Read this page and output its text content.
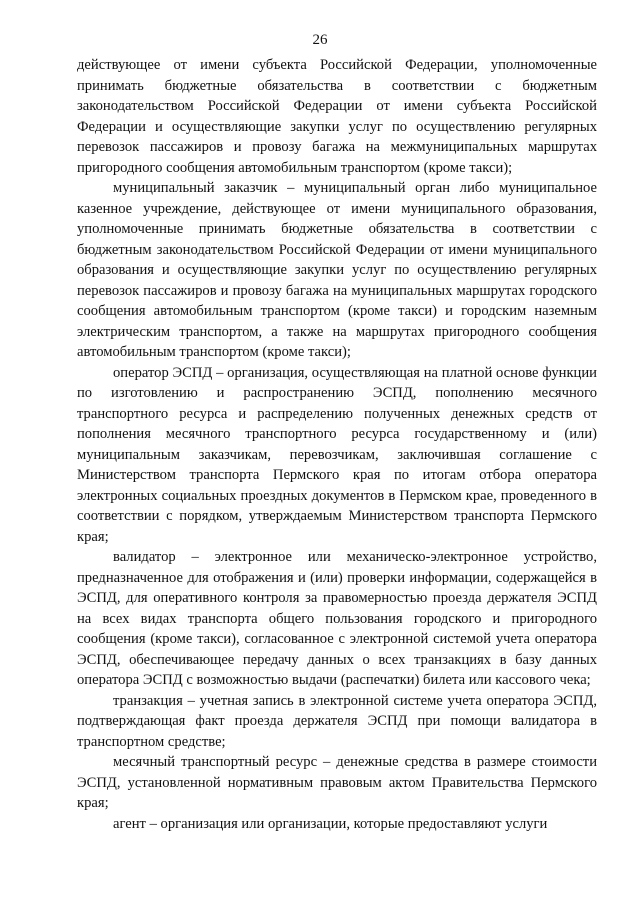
26

действующее от имени субъекта Российской Федерации, уполномоченные принимать бюджетные обязательства в соответствии с бюджетным законодательством Российской Федерации от имени субъекта Российской Федерации и осуществляющие закупки услуг по осуществлению регулярных перевозок пассажиров и провозу багажа на межмуниципальных маршрутах пригородного сообщения автомобильным транспортом (кроме такси);

муниципальный заказчик – муниципальный орган либо муниципальное казенное учреждение, действующее от имени муниципального образования, уполномоченные принимать бюджетные обязательства в соответствии с бюджетным законодательством Российской Федерации от имени муниципального образования и осуществляющие закупки услуг по осуществлению регулярных перевозок пассажиров и провозу багажа на муниципальных маршрутах городского сообщения автомобильным транспортом (кроме такси) и городским наземным электрическим транспортом, а также на маршрутах пригородного сообщения автомобильным транспортом (кроме такси);

оператор ЭСПД – организация, осуществляющая на платной основе функции по изготовлению и распространению ЭСПД, пополнению месячного транспортного ресурса и распределению полученных денежных средств от пополнения месячного транспортного ресурса государственному и (или) муниципальным заказчикам, перевозчикам, заключившая соглашение с Министерством транспорта Пермского края по итогам отбора оператора электронных социальных проездных документов в Пермском крае, проведенного в соответствии с порядком, утверждаемым Министерством транспорта Пермского края;

валидатор – электронное или механическо-электронное устройство, предназначенное для отображения и (или) проверки информации, содержащейся в ЭСПД, для оперативного контроля за правомерностью проезда держателя ЭСПД на всех видах транспорта общего пользования городского и пригородного сообщения (кроме такси), согласованное с электронной системой учета оператора ЭСПД, обеспечивающее передачу данных о всех транзакциях в базу данных оператора ЭСПД с возможностью выдачи (распечатки) билета или кассового чека;

транзакция – учетная запись в электронной системе учета оператора ЭСПД, подтверждающая факт проезда держателя ЭСПД при помощи валидатора в транспортном средстве;

месячный транспортный ресурс – денежные средства в размере стоимости ЭСПД, установленной нормативным правовым актом Правительства Пермского края;

агент – организация или организации, которые предоставляют услуги
